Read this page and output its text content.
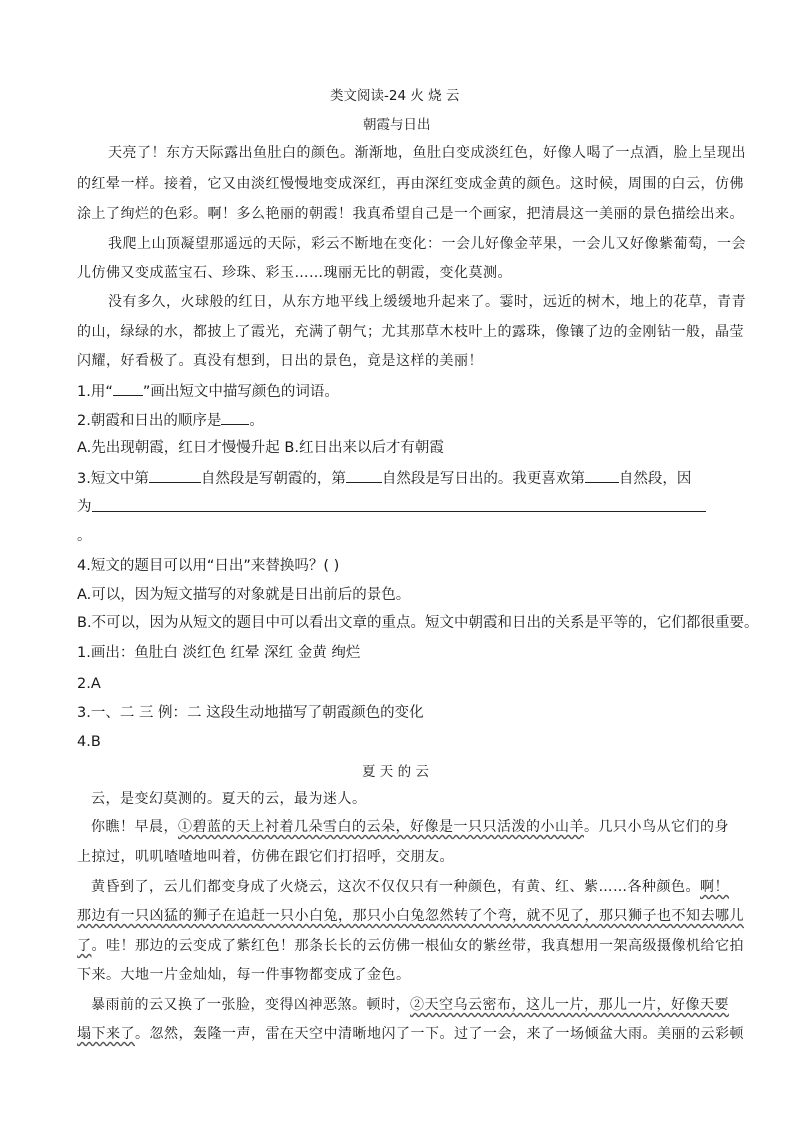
类文阅读-24 火 烧 云
朝霞与日出
天亮了！东方天际露出鱼肚白的颜色。渐渐地，鱼肚白变成淡红色，好像人喝了一点酒，脸上呈现出
的红晕一样。接着，它又由淡红慢慢地变成深红，再由深红变成金黄的颜色。这时候，周围的白云，仿佛
涂上了绚烂的色彩。啊！多么艳丽的朝霞！我真希望自己是一个画家，把清晨这一美丽的景色描绘出来。
我爬上山顶凝望那遥远的天际，彩云不断地在变化：一会儿好像金苹果，一会儿又好像紫葡萄，一会
儿仿佛又变成蓝宝石、珍珠、彩玉……瑰丽无比的朝霞，变化莫测。
没有多久，火球般的红日，从东方地平线上缓缓地升起来了。霎时，远近的树木，地上的花草，青青
的山，绿绿的水，都披上了霞光，充满了朝气；尤其那草木枝叶上的露珠，像镶了边的金刚钻一般，晶莹
闪耀，好看极了。真没有想到，日出的景色，竟是这样的美丽！
1.用“ ”画出短文中描写颜色的词语。
2.朝霞和日出的顺序是 。
A.先出现朝霞，红日才慢慢升起 B.红日出来以后才有朝霞
3.短文中第	自然段是写朝霞的，第 自然段是写日出的。我更喜欢第 自然段，因
为
。
4.短文的题目可以用“日出”来替换吗？( )
A.可以，因为短文描写的对象就是日出前后的景色。
B.不可以，因为从短文的题目中可以看出文章的重点。短文中朝霞和日出的关系是平等的，它们都很重要。
1.画出：鱼肚白 淡红色 红晕 深红 金黄 绚烂
2.A
3.一、二 三 例：二 这段生动地描写了朝霞颜色的变化
4.B
夏 天 的 云
云，是变幻莫测的。夏天的云，最为迷人。
你瞧！早晨，①碧蓝的天上衬着几朵雪白的云朵，好像是一只只活泼的小山羊。几只小鸟从它们的身
上掠过，叽叽喳喳地叫着，仿佛在跟它们打招呼，交朋友。
黄昏到了，云儿们都变身成了火烧云，这次不仅仅只有一种颜色，有黄、红、紫……各种颜色。啊！
那边有一只凶猛的狮子在追赶一只小白兔，那只小白兔忽然转了个弯，就不见了，那只狮子也不知去哪儿
了。哇！那边的云变成了紫红色！那条长长的云仿佛一根仙女的紫丝带，我真想用一架高级摄像机给它拍
下来。大地一片金灿灿，每一件事物都变成了金色。
暴雨前的云又换了一张脸，变得凶神恶煞。顿时，②天空乌云密布，这儿一片，那儿一片，好像天要
塌下来了。忽然，轰隆一声，雷在天空中清晰地闪了一下。过了一会，来了一场倾盆大雨。美丽的云彩顿
